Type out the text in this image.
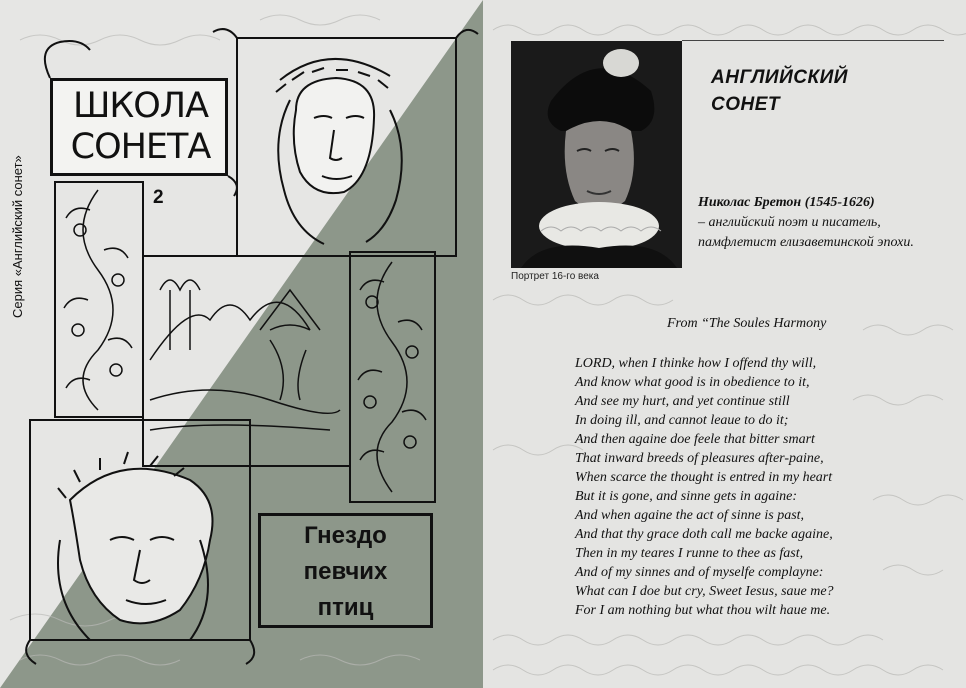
ШКОЛА
СОНЕТА
Серия «Английский сонет»	2
Гнездо
певчих
птиц
Портрет 16-го века
АНГЛИЙСКИЙ
СОНЕТ
Николас Бретон (1545-1626)
– английский поэт и писатель, памфлетист елизаветинской эпохи.
From “The Soules Harmony
LORD, when I thinke how I offend thy will,
And know what good is in obedience to it,
And see my hurt, and yet continue still
In doing ill, and cannot leaue to do it;
And then againe doe feele that bitter smart
That inward breeds of pleasures after-paine,
When scarce the thought is entred in my heart
But it is gone, and sinne gets in againe:
And when againe the act of sinne is past,
And that thy grace doth call me backe againe,
Then in my teares I runne to thee as fast,
And of my sinnes and of myselfe complayne:
What can I doe but cry, Sweet Iesus, saue me?
For I am nothing but what thou wilt haue me.
